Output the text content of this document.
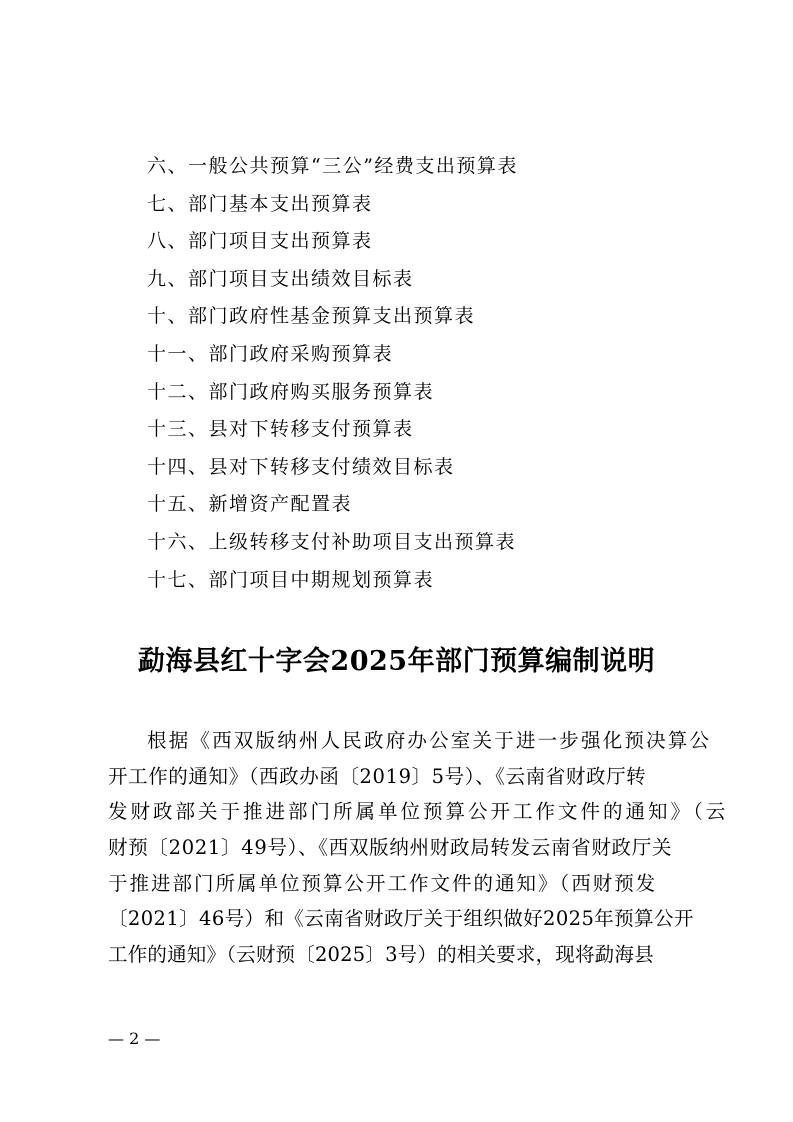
六、一般公共预算“三公”经费支出预算表
七、部门基本支出预算表
八、部门项目支出预算表
九、部门项目支出绩效目标表
十、部门政府性基金预算支出预算表
十一、部门政府采购预算表
十二、部门政府购买服务预算表
十三、县对下转移支付预算表
十四、县对下转移支付绩效目标表
十五、新增资产配置表
十六、上级转移支付补助项目支出预算表
十七、部门项目中期规划预算表
勐海县红十字会2025年部门预算编制说明
根据《西双版纳州人民政府办公室关于进一步强化预决算公
开工作的通知》（西政办函〔2019〕5号）、《云南省财政厅转
发财政部关于推进部门所属单位预算公开工作文件的通知》（云
财预〔2021〕49号）、《西双版纳州财政局转发云南省财政厅关
于推进部门所属单位预算公开工作文件的通知》（西财预发
〔2021〕46号）和《云南省财政厅关于组织做好2025年预算公开
工作的通知》（云财预〔2025〕3号）的相关要求，现将勐海县
— 2 —
